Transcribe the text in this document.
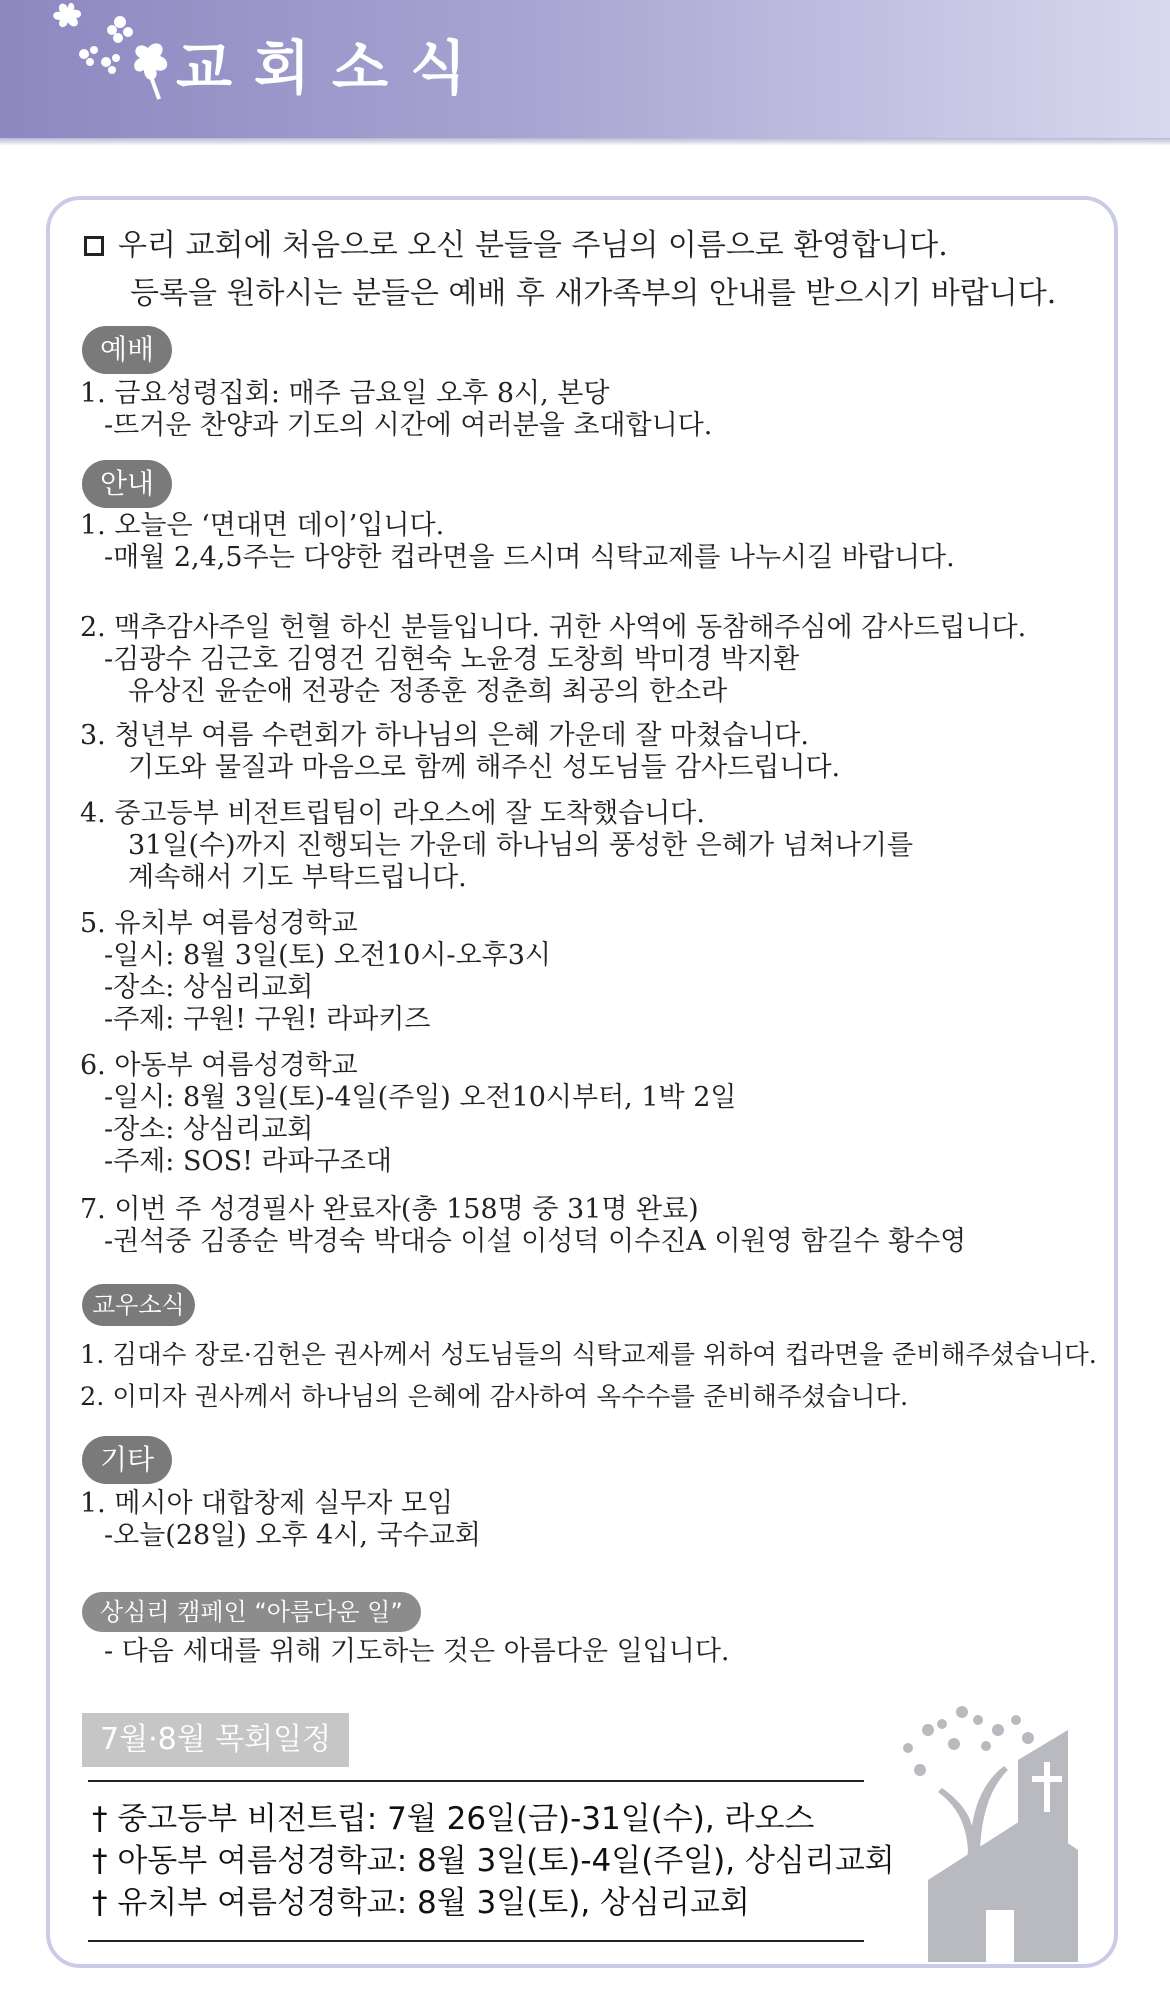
교회소식
우리 교회에 처음으로 오신 분들을 주님의 이름으로 환영합니다.
등록을 원하시는 분들은 예배 후 새가족부의 안내를 받으시기 바랍니다.
예배
1. 금요성령집회: 매주 금요일 오후 8시, 본당
-뜨거운 찬양과 기도의 시간에 여러분을 초대합니다.
안내
1. 오늘은 ‘면대면 데이’입니다.
-매월 2,4,5주는 다양한 컵라면을 드시며 식탁교제를 나누시길 바랍니다.
2. 맥추감사주일 헌혈 하신 분들입니다. 귀한 사역에 동참해주심에 감사드립니다.
-김광수 김근호 김영건 김현숙 노윤경 도창희 박미경 박지환
유상진 윤순애 전광순 정종훈 정춘희 최공의 한소라
3. 청년부 여름 수련회가 하나님의 은혜 가운데 잘 마쳤습니다.
기도와 물질과 마음으로 함께 해주신 성도님들 감사드립니다.
4. 중고등부 비전트립팀이 라오스에 잘 도착했습니다.
31일(수)까지 진행되는 가운데 하나님의 풍성한 은혜가 넘쳐나기를
계속해서 기도 부탁드립니다.
5. 유치부 여름성경학교
-일시: 8월 3일(토) 오전10시-오후3시
-장소: 상심리교회
-주제: 구원! 구원! 라파키즈
6. 아동부 여름성경학교
-일시: 8월 3일(토)-4일(주일) 오전10시부터, 1박 2일
-장소: 상심리교회
-주제: SOS! 라파구조대
7. 이번 주 성경필사 완료자(총 158명 중 31명 완료)
-권석중 김종순 박경숙 박대승 이설 이성덕 이수진A 이원영 함길수 황수영
교우소식
1. 김대수 장로·김헌은 권사께서 성도님들의 식탁교제를 위하여 컵라면을 준비해주셨습니다.
2. 이미자 권사께서 하나님의 은혜에 감사하여 옥수수를 준비해주셨습니다.
기타
1. 메시아 대합창제 실무자 모임
-오늘(28일) 오후 4시, 국수교회
상심리 캠페인 “아름다운 일”
- 다음 세대를 위해 기도하는 것은 아름다운 일입니다.
7월·8월 목회일정
† 중고등부 비전트립: 7월 26일(금)-31일(수), 라오스
† 아동부 여름성경학교: 8월 3일(토)-4일(주일), 상심리교회
† 유치부 여름성경학교: 8월 3일(토), 상심리교회
